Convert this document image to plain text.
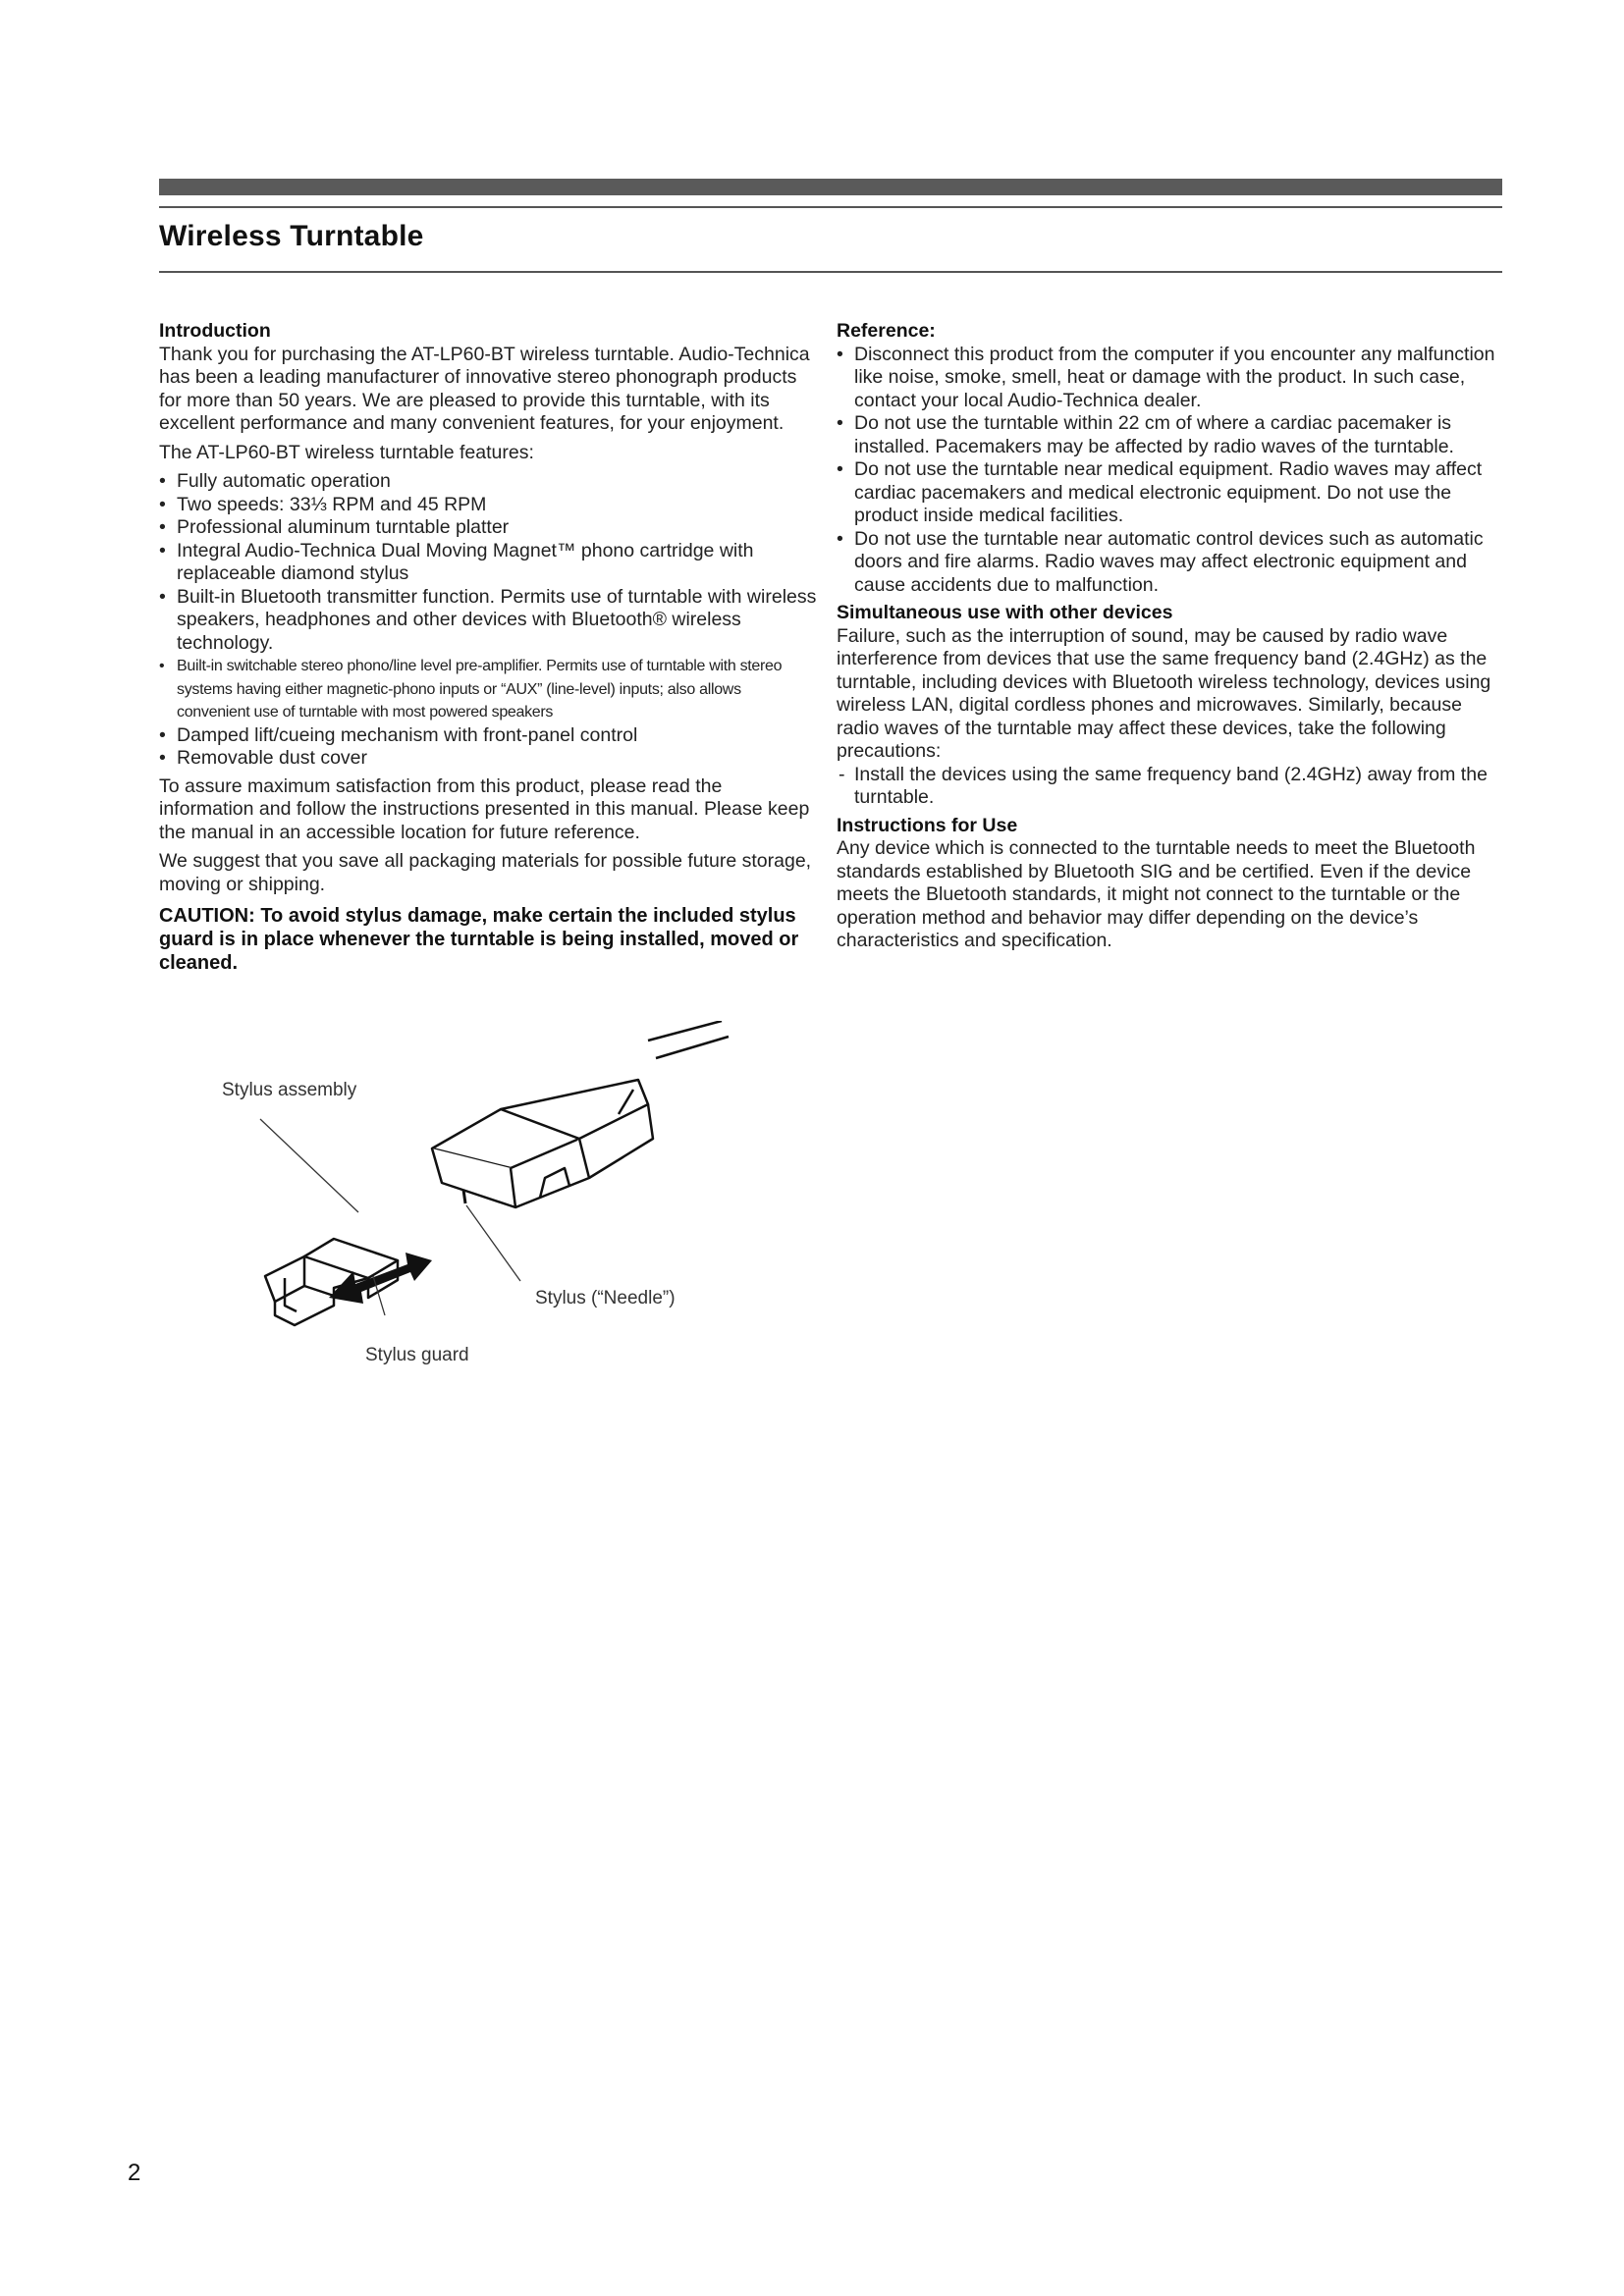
Wireless Turntable
Introduction

Thank you for purchasing the AT-LP60-BT wireless turntable. Audio-Technica has been a leading manufacturer of innovative stereo phonograph products for more than 50 years. We are pleased to provide this turntable, with its excellent performance and many convenient features, for your enjoyment.

The AT-LP60-BT wireless turntable features:

• Fully automatic operation
• Two speeds: 33⅓ RPM and 45 RPM
• Professional aluminum turntable platter
• Integral Audio-Technica Dual Moving Magnet™ phono cartridge with replaceable diamond stylus
• Built-in Bluetooth transmitter function. Permits use of turntable with wireless speakers, headphones and other devices with Bluetooth® wireless technology.
• Built-in switchable stereo phono/line level pre-amplifier. Permits use of turntable with stereo systems having either magnetic-phono inputs or “AUX” (line-level) inputs; also allows convenient use of turntable with most powered speakers
• Damped lift/cueing mechanism with front-panel control
• Removable dust cover

To assure maximum satisfaction from this product, please read the information and follow the instructions presented in this manual. Please keep the manual in an accessible location for future reference.

We suggest that you save all packaging materials for possible future storage, moving or shipping.

CAUTION: To avoid stylus damage, make certain the included stylus guard is in place whenever the turntable is being installed, moved or cleaned.

Stylus assembly
Stylus (“Needle”)
Stylus guard
Reference:
• Disconnect this product from the computer if you encounter any malfunction like noise, smoke, smell, heat or damage with the product. In such case, contact your local Audio-Technica dealer.
• Do not use the turntable within 22 cm of where a cardiac pacemaker is installed. Pacemakers may be affected by radio waves of the turntable.
• Do not use the turntable near medical equipment. Radio waves may affect cardiac pacemakers and medical electronic equipment. Do not use the product inside medical facilities.
• Do not use the turntable near automatic control devices such as automatic doors and fire alarms. Radio waves may affect electronic equipment and cause accidents due to malfunction.
Simultaneous use with other devices

Failure, such as the interruption of sound, may be caused by radio wave interference from devices that use the same frequency band (2.4GHz) as the turntable, including devices with Bluetooth wireless technology, devices using wireless LAN, digital cordless phones and microwaves. Similarly, because radio waves of the turntable may affect these devices, take the following precautions:

- Install the devices using the same frequency band (2.4GHz) away from the turntable.
Instructions for Use

Any device which is connected to the turntable needs to meet the Bluetooth standards established by Bluetooth SIG and be certified. Even if the device meets the Bluetooth standards, it might not connect to the turntable or the operation method and behavior may differ depending on the device’s characteristics and specification.

2
